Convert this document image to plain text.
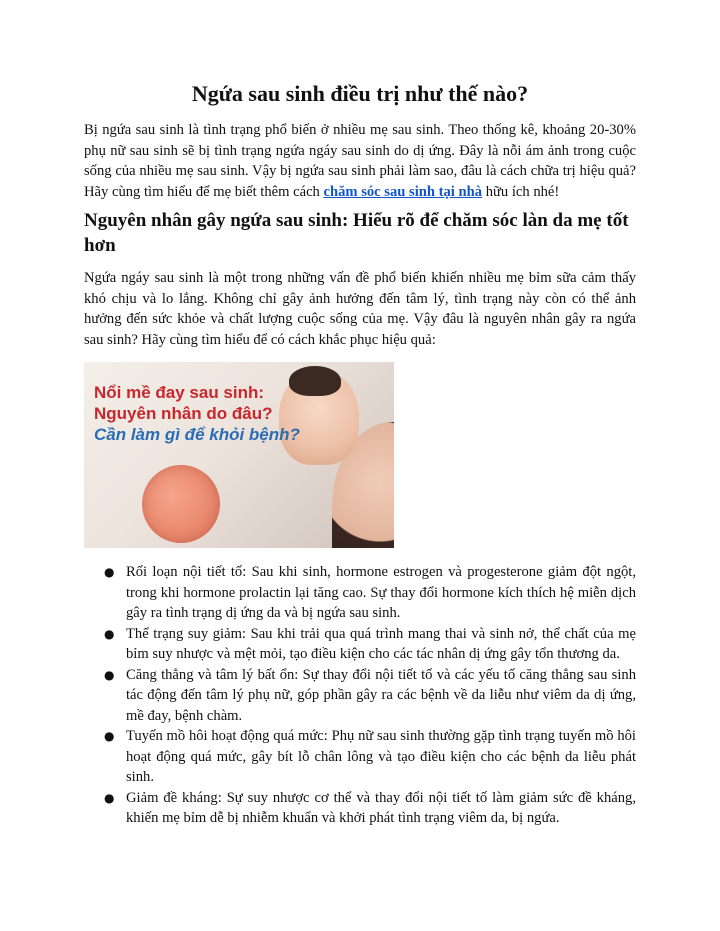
Ngứa sau sinh điều trị như thế nào?

Bị ngứa sau sinh là tình trạng phổ biến ở nhiều mẹ sau sinh. Theo thống kê, khoảng 20-30% phụ nữ sau sinh sẽ bị tình trạng ngứa ngáy sau sinh do dị ứng. Đây là nỗi ám ảnh trong cuộc sống của nhiều mẹ sau sinh. Vậy bị ngứa sau sinh phải làm sao, đâu là cách chữa trị hiệu quả? Hãy cùng tìm hiểu để mẹ biết thêm cách chăm sóc sau sinh tại nhà hữu ích nhé!

Nguyên nhân gây ngứa sau sinh: Hiểu rõ để chăm sóc làn da mẹ tốt hơn

Ngứa ngáy sau sinh là một trong những vấn đề phổ biến khiến nhiều mẹ bỉm sữa cảm thấy khó chịu và lo lắng. Không chỉ gây ảnh hưởng đến tâm lý, tình trạng này còn có thể ảnh hưởng đến sức khỏe và chất lượng cuộc sống của mẹ. Vậy đâu là nguyên nhân gây ra ngứa sau sinh? Hãy cùng tìm hiểu để có cách khắc phục hiệu quả:

Nổi mề đay sau sinh:
Nguyên nhân do đâu?
Cần làm gì để khỏi bệnh?
● Rối loạn nội tiết tố: Sau khi sinh, hormone estrogen và progesterone giảm đột ngột, trong khi hormone prolactin lại tăng cao. Sự thay đổi hormone kích thích hệ miễn dịch gây ra tình trạng dị ứng da và bị ngứa sau sinh.
● Thể trạng suy giảm: Sau khi trải qua quá trình mang thai và sinh nở, thể chất của mẹ bỉm suy nhược và mệt mỏi, tạo điều kiện cho các tác nhân dị ứng gây tổn thương da.
● Căng thẳng và tâm lý bất ổn: Sự thay đổi nội tiết tố và các yếu tố căng thẳng sau sinh tác động đến tâm lý phụ nữ, góp phần gây ra các bệnh về da liễu như viêm da dị ứng, mề đay, bệnh chàm.
● Tuyến mồ hôi hoạt động quá mức: Phụ nữ sau sinh thường gặp tình trạng tuyến mồ hôi hoạt động quá mức, gây bít lỗ chân lông và tạo điều kiện cho các bệnh da liễu phát sinh.
● Giảm đề kháng: Sự suy nhược cơ thể và thay đổi nội tiết tố làm giảm sức đề kháng, khiến mẹ bỉm dễ bị nhiễm khuẩn và khởi phát tình trạng viêm da, bị ngứa.
